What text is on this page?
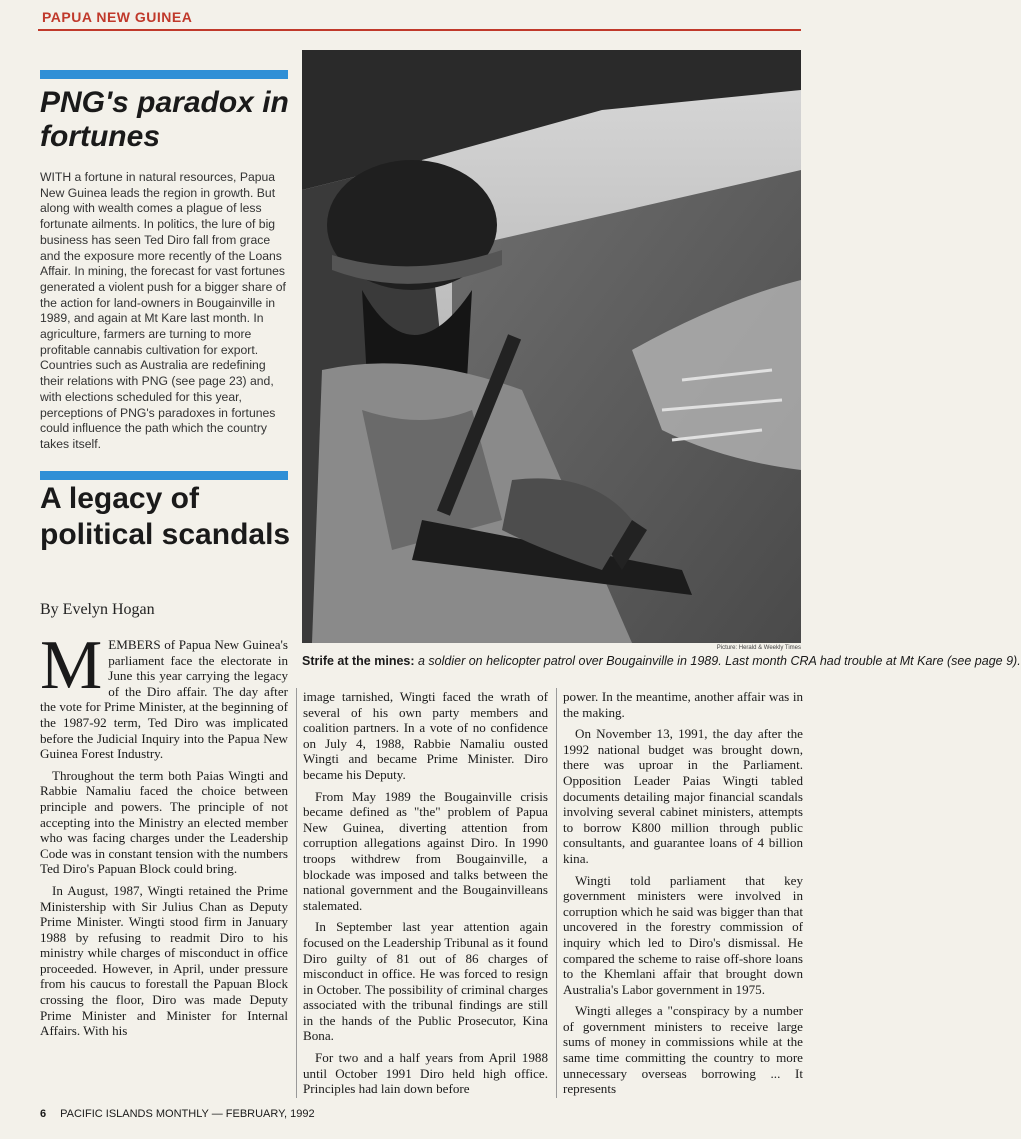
PAPUA NEW GUINEA
PNG's paradox in fortunes
WITH a fortune in natural resources, Papua New Guinea leads the region in growth. But along with wealth comes a plague of less fortunate ailments. In politics, the lure of big business has seen Ted Diro fall from grace and the exposure more recently of the Loans Affair. In mining, the forecast for vast fortunes generated a violent push for a bigger share of the action for land-owners in Bougainville in 1989, and again at Mt Kare last month. In agriculture, farmers are turning to more profitable cannabis cultivation for export. Countries such as Australia are redefining their relations with PNG (see page 23) and, with elections scheduled for this year, perceptions of PNG's paradoxes in fortunes could influence the path which the country takes itself.
A legacy of political scandals
By Evelyn Hogan
Picture: Herald & Weekly Times
Strife at the mines: a soldier on helicopter patrol over Bougainville in 1989. Last month CRA had trouble at Mt Kare (see page 9).
M EMBERS of Papua New Guinea's parliament face the electorate in June this year carrying the legacy of the Diro affair. The day after the vote for Prime Minister, at the beginning of the 1987-92 term, Ted Diro was implicated before the Judicial Inquiry into the Papua New Guinea Forest Industry.

Throughout the term both Paias Wingti and Rabbie Namaliu faced the choice between principle and powers. The principle of not accepting into the Ministry an elected member who was facing charges under the Leadership Code was in constant tension with the numbers Ted Diro's Papuan Block could bring.

In August, 1987, Wingti retained the Prime Ministership with Sir Julius Chan as Deputy Prime Minister. Wingti stood firm in January 1988 by refusing to readmit Diro to his ministry while charges of misconduct in office proceeded. However, in April, under pressure from his caucus to forestall the Papuan Block crossing the floor, Diro was made Deputy Prime Minister and Minister for Internal Affairs. With his

image tarnished, Wingti faced the wrath of several of his own party members and coalition partners. In a vote of no confidence on July 4, 1988, Rabbie Namaliu ousted Wingti and became Prime Minister. Diro became his Deputy.

From May 1989 the Bougainville crisis became defined as "the" problem of Papua New Guinea, diverting attention from corruption allegations against Diro. In 1990 troops withdrew from Bougainville, a blockade was imposed and talks between the national government and the Bougainvilleans stalemated.

In September last year attention again focused on the Leadership Tribunal as it found Diro guilty of 81 out of 86 charges of misconduct in office. He was forced to resign in October. The possibility of criminal charges associated with the tribunal findings are still in the hands of the Public Prosecutor, Kina Bona.

For two and a half years from April 1988 until October 1991 Diro held high office. Principles had lain down before

power. In the meantime, another affair was in the making.

On November 13, 1991, the day after the 1992 national budget was brought down, there was uproar in the Parliament. Opposition Leader Paias Wingti tabled documents detailing major financial scandals involving several cabinet ministers, attempts to borrow K800 million through public consultants, and guarantee loans of 4 billion kina.

Wingti told parliament that key government ministers were involved in corruption which he said was bigger than that uncovered in the forestry commission of inquiry which led to Diro's dismissal. He compared the scheme to raise off-shore loans to the Khemlani affair that brought down Australia's Labor government in 1975.

Wingti alleges a "conspiracy by a number of government ministers to receive large sums of money in commissions while at the same time committing the country to more unnecessary overseas borrowing ... It represents

6 PACIFIC ISLANDS MONTHLY — FEBRUARY, 1992
